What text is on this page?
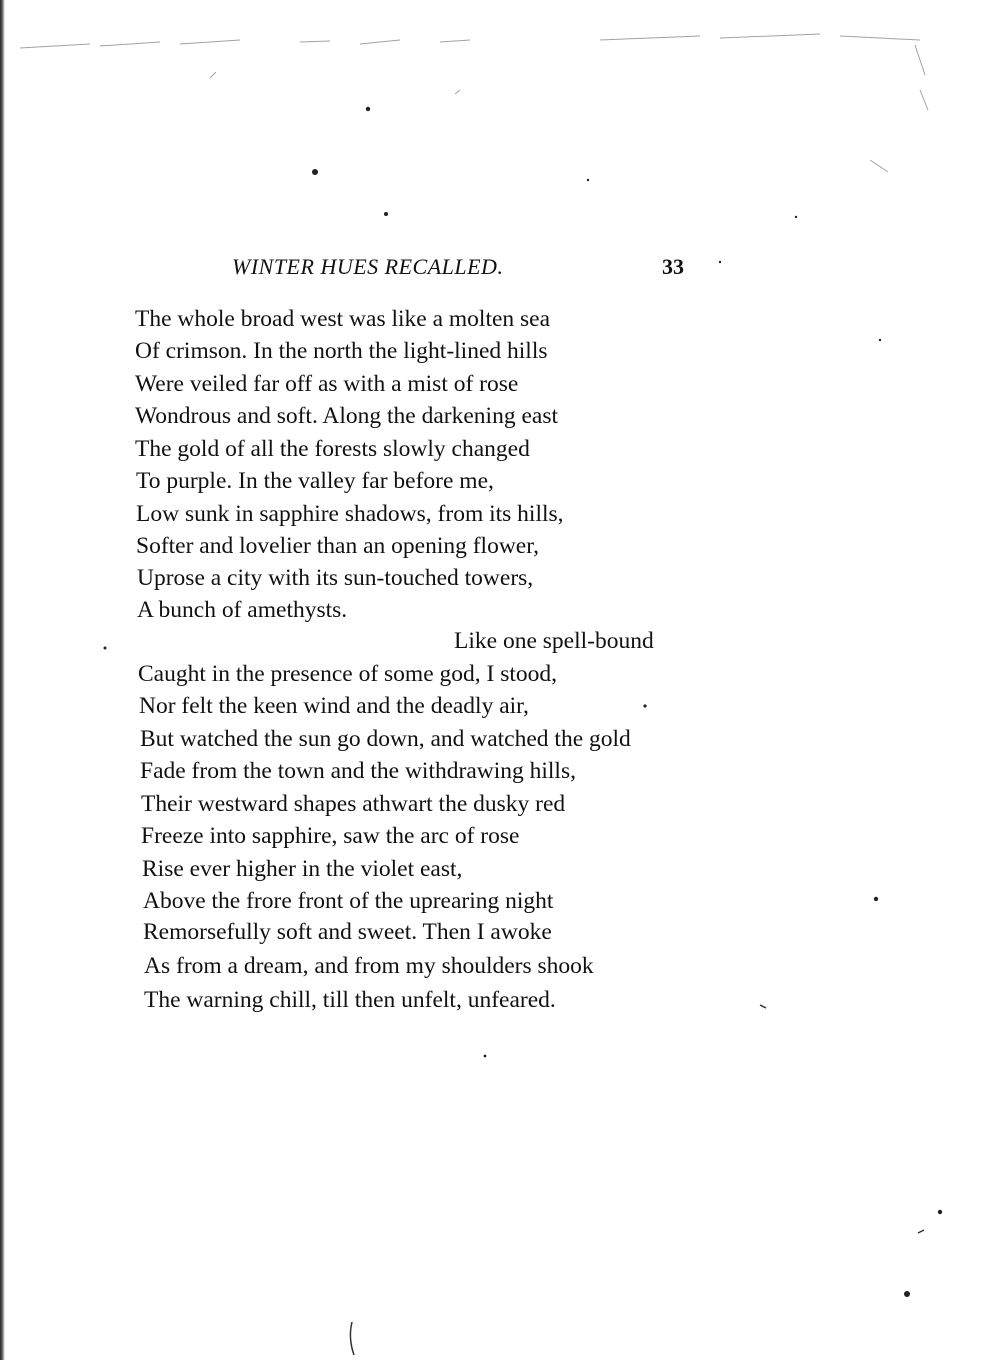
WINTER HUES RECALLED.	33
The whole broad west was like a molten sea
Of crimson. In the north the light-lined hills
Were veiled far off as with a mist of rose
Wondrous and soft. Along the darkening east
The gold of all the forests slowly changed
To purple. In the valley far before me,
Low sunk in sapphire shadows, from its hills,
Softer and lovelier than an opening flower,
Uprose a city with its sun-touched towers,
A bunch of amethysts.
Like one spell-bound
Caught in the presence of some god, I stood,
Nor felt the keen wind and the deadly air,
But watched the sun go down, and watched the gold
Fade from the town and the withdrawing hills,
Their westward shapes athwart the dusky red
Freeze into sapphire, saw the arc of rose
Rise ever higher in the violet east,
Above the frore front of the uprearing night
Remorsefully soft and sweet. Then I awoke
As from a dream, and from my shoulders shook
The warning chill, till then unfelt, unfeared.
